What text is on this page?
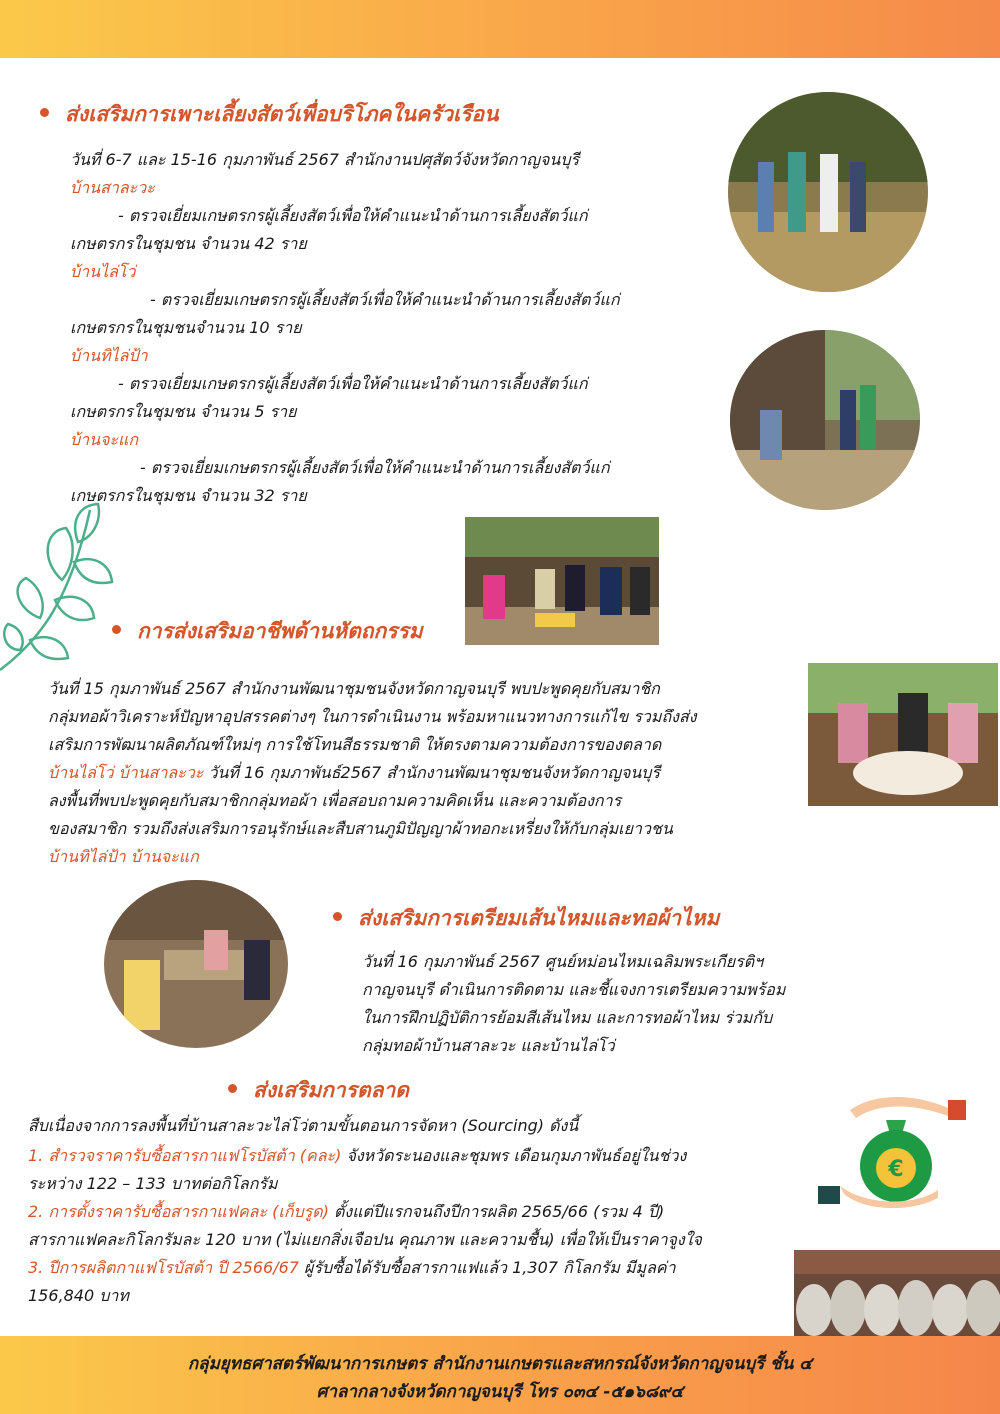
ส่งเสริมการเพาะเลี้ยงสัตว์เพื่อบริโภคในครัวเรือน
วันที่ 6-7 และ 15-16 กุมภาพันธ์ 2567 สำนักงานปศุสัตว์จังหวัดกาญจนบุรี
บ้านสาละวะ
- ตรวจเยี่ยมเกษตรกรผู้เลี้ยงสัตว์เพื่อให้คำแนะนำด้านการเลี้ยงสัตว์แก่
เกษตรกรในชุมชน จำนวน 42 ราย
บ้านไล่โว่
- ตรวจเยี่ยมเกษตรกรผู้เลี้ยงสัตว์เพื่อให้คำแนะนำด้านการเลี้ยงสัตว์แก่
เกษตรกรในชุมชนจำนวน 10 ราย
บ้านทิไล่ป้า
- ตรวจเยี่ยมเกษตรกรผู้เลี้ยงสัตว์เพื่อให้คำแนะนำด้านการเลี้ยงสัตว์แก่
เกษตรกรในชุมชน จำนวน 5 ราย
บ้านจะแก
- ตรวจเยี่ยมเกษตรกรผู้เลี้ยงสัตว์เพื่อให้คำแนะนำด้านการเลี้ยงสัตว์แก่
เกษตรกรในชุมชน จำนวน 32 ราย
การส่งเสริมอาชีพด้านหัตถกรรม
วันที่ 15 กุมภาพันธ์ 2567 สำนักงานพัฒนาชุมชนจังหวัดกาญจนบุรี พบปะพูดคุยกับสมาชิก
กลุ่มทอผ้าวิเคราะห์ปัญหาอุปสรรคต่างๆ ในการดำเนินงาน พร้อมหาแนวทางการแก้ไข รวมถึงส่ง
เสริมการพัฒนาผลิตภัณฑ์ใหม่ๆ การใช้โทนสีธรรมชาติ ให้ตรงตามความต้องการของตลาด
บ้านไล่โว่ บ้านสาละวะ วันที่ 16 กุมภาพันธ์2567 สำนักงานพัฒนาชุมชนจังหวัดกาญจนบุรี
ลงพื้นที่พบปะพูดคุยกับสมาชิกกลุ่มทอผ้า เพื่อสอบถามความคิดเห็น และความต้องการ
ของสมาชิก รวมถึงส่งเสริมการอนุรักษ์และสืบสานภูมิปัญญาผ้าทอกะเหรี่ยงให้กับกลุ่มเยาวชน
บ้านทิไล่ป้า บ้านจะแก
ส่งเสริมการเตรียมเส้นไหมและทอผ้าไหม
วันที่ 16 กุมภาพันธ์ 2567 ศูนย์หม่อนไหมเฉลิมพระเกียรติฯ
กาญจนบุรี ดำเนินการติดตาม และชี้แจงการเตรียมความพร้อม
ในการฝึกปฏิบัติการย้อมสีเส้นไหม และการทอผ้าไหม ร่วมกับ
กลุ่มทอผ้าบ้านสาละวะ และบ้านไล่โว่
ส่งเสริมการตลาด
สืบเนื่องจากการลงพื้นที่บ้านสาละวะไล่โว่ตามขั้นตอนการจัดหา (Sourcing) ดังนี้
1. สำรวจราคารับซื้อสารกาแฟโรบัสต้า (คละ) จังหวัดระนองและชุมพร เดือนกุมภาพันธ์อยู่ในช่วง
ระหว่าง 122 – 133 บาทต่อกิโลกรัม
2. การตั้งราคารับซื้อสารกาแฟคละ (เก็บรูด) ตั้งแต่ปีแรกจนถึงปีการผลิต 2565/66 (รวม 4 ปี)
สารกาแฟคละกิโลกรัมละ 120 บาท (ไม่แยกสิ่งเจือปน คุณภาพ และความชื้น) เพื่อให้เป็นราคาจูงใจ
3. ปีการผลิตกาแฟโรบัสต้า ปี 2566/67 ผู้รับซื้อได้รับซื้อสารกาแฟแล้ว 1,307 กิโลกรัม มีมูลค่า
156,840 บาท
€
กลุ่มยุทธศาสตร์พัฒนาการเกษตร สำนักงานเกษตรและสหกรณ์จังหวัดกาญจนบุรี ชั้น ๔
ศาลากลางจังหวัดกาญจนบุรี โทร ๐๓๔ -๕๑๖๘๙๔
